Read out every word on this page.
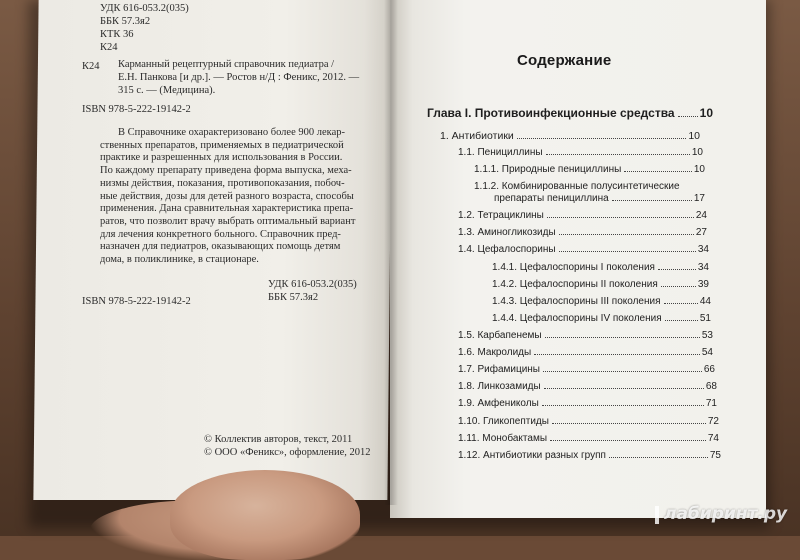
УДК 616-053.2(035)
ББК 57.3я2
КТК 36
К24
К24 Карманный рецептурный справочник педиатра /
Е.Н. Панкова [и др.]. — Ростов н/Д : Феникс, 2012. —
315 с. — (Медицина).
ISBN 978-5-222-19142-2
В Справочнике охарактеризовано более 900 лекар-
ственных препаратов, применяемых в педиатрической
практике и разрешенных для использования в России.
По каждому препарату приведена форма выпуска, меха-
низмы действия, показания, противопоказания, побоч-
ные действия, дозы для детей разного возраста, способы
применения. Дана сравнительная характеристика препа-
ратов, что позволит врачу выбрать оптимальный вариант
для лечения конкретного больного. Справочник пред-
назначен для педиатров, оказывающих помощь детям
дома, в поликлинике, в стационаре.
УДК 616-053.2(035)
ББК 57.3я2
ISBN 978-5-222-19142-2
© Коллектив авторов, текст, 2011
© ООО «Феникс», оформление, 2012
Содержание
Глава I. Противоинфекционные средства 10
1. Антибиотики	10
1.1. Пенициллины	10
1.1.1. Природные пенициллины	10
1.1.2. Комбинированные полусинтетические
препараты пенициллина	17
1.2. Тетрациклины	24
1.3. Аминогликозиды	27
1.4. Цефалоспорины	34
1.4.1. Цефалоспорины I поколения	34
1.4.2. Цефалоспорины II поколения	39
1.4.3. Цефалоспорины III поколения	44
1.4.4. Цефалоспорины IV поколения	51
1.5. Карбапенемы	53
1.6. Макролиды	54
1.7. Рифамицины	66
1.8. Линкозамиды	68
1.9. Амфениколы	71
1.10. Гликопептиды	72
1.11. Монобактамы	74
1.12. Антибиотики разных групп	75
лабиринт.ру
